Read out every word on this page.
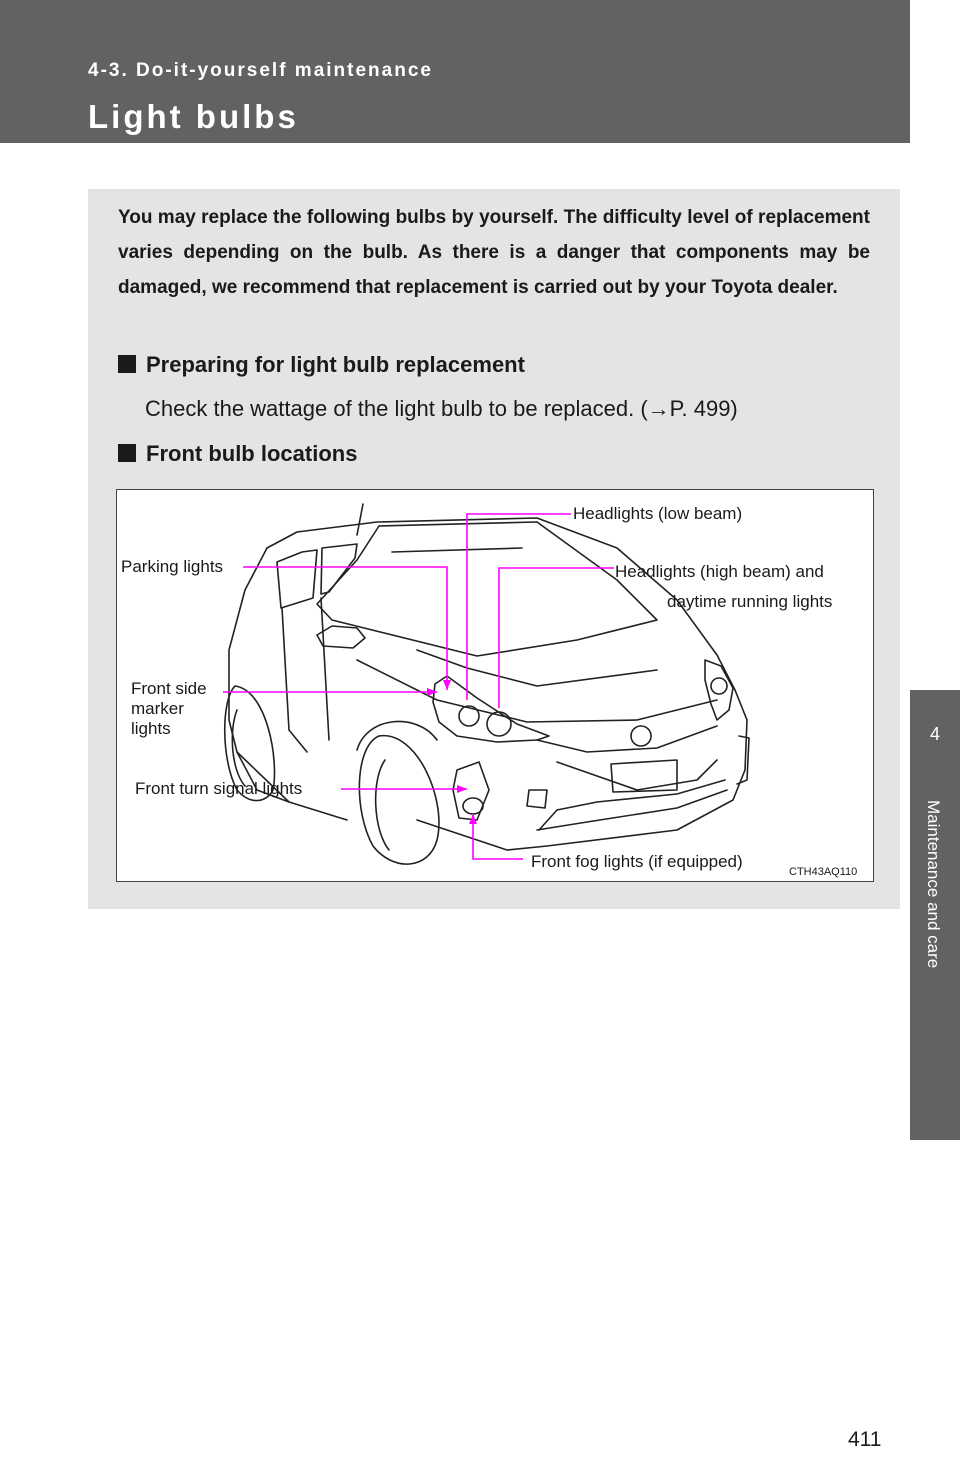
4-3. Do-it-yourself maintenance
Light bulbs
4
Maintenance and care
You may replace the following bulbs by yourself. The difficulty level of replacement varies depending on the bulb. As there is a danger that components may be damaged, we recommend that replacement is carried out by your Toyota dealer.
Preparing for light bulb replacement
Check the wattage of the light bulb to be replaced. (→P. 499)
Front bulb locations
Headlights (low beam)
Parking lights	Headlights (high beam) and
daytime running lights
Front side
marker
lights
Front turn signal lights
Front fog lights (if equipped)
CTH43AQ110
411
